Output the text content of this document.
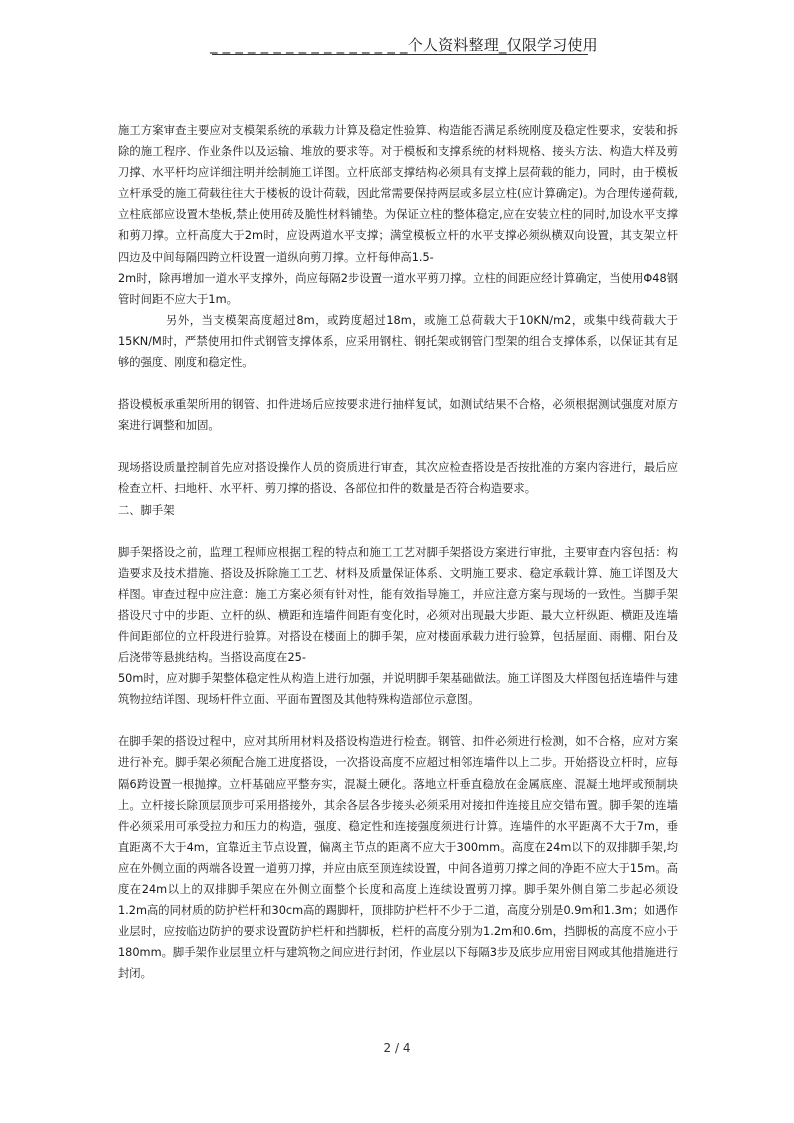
_ _ _ _ _ _ _ _ _ _ _ _ _ _ _ _个人资料整理_仅限学习使用

施工方案审查主要应对支模架系统的承载力计算及稳定性验算、构造能否满足系统刚度及稳定性要求，安装和拆除的施工程序、作业条件以及运输、堆放的要求等。对于模板和支撑系统的材料规格、接头方法、构造大样及剪刀撑、水平杆均应详细注明并绘制施工详图。立杆底部支撑结构必须具有支撑上层荷载的能力，同时，由于模板立杆承受的施工荷载往往大于楼板的设计荷载，因此常需要保持两层或多层立柱(应计算确定)。为合理传递荷载,立柱底部应设置木垫板,禁止使用砖及脆性材料铺垫。为保证立柱的整体稳定,应在安装立柱的同时,加设水平支撑和剪刀撑。立杆高度大于2m时，应设两道水平支撑；满堂模板立杆的水平支撑必须纵横双向设置，其支架立杆四边及中间每隔四跨立杆设置一道纵向剪刀撑。立杆每伸高1.5-

2m时，除再增加一道水平支撑外，尚应每隔2步设置一道水平剪刀撑。立柱的间距应经计算确定，当使用Φ48钢管时间距不应大于1m。

另外，当支模架高度超过8m，或跨度超过18m，或施工总荷载大于10KN/m2，或集中线荷载大于15KN/M时，严禁使用扣件式钢管支撑体系，应采用钢柱、钢托架或钢管门型架的组合支撑体系，以保证其有足够的强度、刚度和稳定性。

搭设模板承重架所用的钢管、扣件进场后应按要求进行抽样复试，如测试结果不合格，必须根据测试强度对原方案进行调整和加固。

现场搭设质量控制首先应对搭设操作人员的资质进行审查，其次应检查搭设是否按批准的方案内容进行，最后应检查立杆、扫地杆、水平杆、剪刀撑的搭设、各部位扣件的数量是否符合构造要求。

二、脚手架

脚手架搭设之前，监理工程师应根据工程的特点和施工工艺对脚手架搭设方案进行审批，主要审查内容包括：构造要求及技术措施、搭设及拆除施工工艺、材料及质量保证体系、文明施工要求、稳定承载计算、施工详图及大样图。审查过程中应注意：施工方案必须有针对性，能有效指导施工，并应注意方案与现场的一致性。当脚手架搭设尺寸中的步距、立杆的纵、横距和连墙件间距有变化时，必须对出现最大步距、最大立杆纵距、横距及连墙件间距部位的立杆段进行验算。对搭设在楼面上的脚手架，应对楼面承载力进行验算，包括屋面、雨棚、阳台及后浇带等悬挑结构。当搭设高度在25-

50m时，应对脚手架整体稳定性从构造上进行加强，并说明脚手架基础做法。施工详图及大样图包括连墙件与建筑物拉结详图、现场杆件立面、平面布置图及其他特殊构造部位示意图。

在脚手架的搭设过程中，应对其所用材料及搭设构造进行检查。钢管、扣件必须进行检测，如不合格，应对方案进行补充。脚手架必须配合施工进度搭设，一次搭设高度不应超过相邻连墙件以上二步。开始搭设立杆时，应每隔6跨设置一根抛撑。立杆基础应平整夯实，混凝土硬化。落地立杆垂直稳放在金属底座、混凝土地坪或预制块上。立杆接长除顶层顶步可采用搭接外，其余各层各步接头必须采用对接扣件连接且应交错布置。脚手架的连墙件必须采用可承受拉力和压力的构造，强度、稳定性和连接强度须进行计算。连墙件的水平距离不大于7m，垂直距离不大于4m，宜靠近主节点设置，偏离主节点的距离不应大于300mm。高度在24m以下的双排脚手架,均应在外侧立面的两端各设置一道剪刀撑，并应由底至顶连续设置，中间各道剪刀撑之间的净距不应大于15m。高度在24m以上的双排脚手架应在外侧立面整个长度和高度上连续设置剪刀撑。脚手架外侧自第二步起必须设1.2m高的同材质的防护栏杆和30cm高的踢脚杆，顶排防护栏杆不少于二道，高度分别是0.9m和1.3m；如遇作业层时，应按临边防护的要求设置防护栏杆和挡脚板，栏杆的高度分别为1.2m和0.6m，挡脚板的高度不应小于180mm。脚手架作业层里立杆与建筑物之间应进行封闭，作业层以下每隔3步及底步应用密目网或其他措施进行封闭。

2 / 4
